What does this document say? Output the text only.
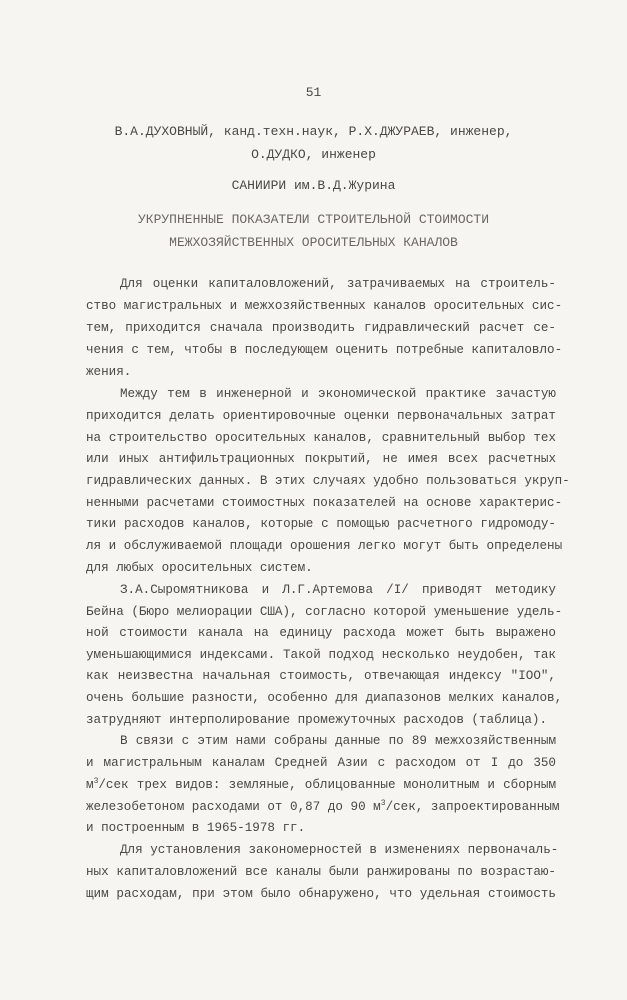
51
В.А.ДУХОВНЫЙ, канд.техн.наук, Р.Х.ДЖУРАЕВ, инженер,
О.ДУДКО, инженер
САНИИРИ им.В.Д.Журина
УКРУПНЕННЫЕ ПОКАЗАТЕЛИ СТРОИТЕЛЬНОЙ СТОИМОСТИ
МЕЖХОЗЯЙСТВЕННЫХ ОРОСИТЕЛЬНЫХ КАНАЛОВ
Для оценки капиталовложений, затрачиваемых на строитель-
ство магистральных и межхозяйственных каналов оросительных сис-
тем, приходится сначала производить гидравлический расчет се-
чения с тем, чтобы в последующем оценить потребные капиталовло-
жения.
Между тем в инженерной и экономической практике зачастую
приходится делать ориентировочные оценки первоначальных затрат
на строительство оросительных каналов, сравнительный выбор тех
или иных антифильтрационных покрытий, не имея всех расчетных
гидравлических данных. В этих случаях удобно пользоваться укруп-
ненными расчетами стоимостных показателей на основе характерис-
тики расходов каналов, которые с помощью расчетного гидромоду-
ля и обслуживаемой площади орошения легко могут быть определены
для любых оросительных систем.
З.А.Сыромятникова и Л.Г.Артемова /I/ приводят методику
Бейна (Бюро мелиорации США), согласно которой уменьшение удель-
ной стоимости канала на единицу расхода может быть выражено
уменьшающимися индексами. Такой подход несколько неудобен, так
как неизвестна начальная стоимость, отвечающая индексу "IOO",
очень большие разности, особенно для диапазонов мелких каналов,
затрудняют интерполирование промежуточных расходов (таблица).
В связи с этим нами собраны данные по 89 межхозяйственным
и магистральным каналам Средней Азии с расходом от I до 350
$м^3$/сек трех видов: земляные, облицованные монолитным и сборным
железобетоном расходами от 0,87 до 90 $м^3$/сек, запроектированным
и построенным в 1965-1978 гг.
Для установления закономерностей в изменениях первоначаль-
ных капиталовложений все каналы были ранжированы по возрастаю-
щим расходам, при этом было обнаружено, что удельная стоимость
